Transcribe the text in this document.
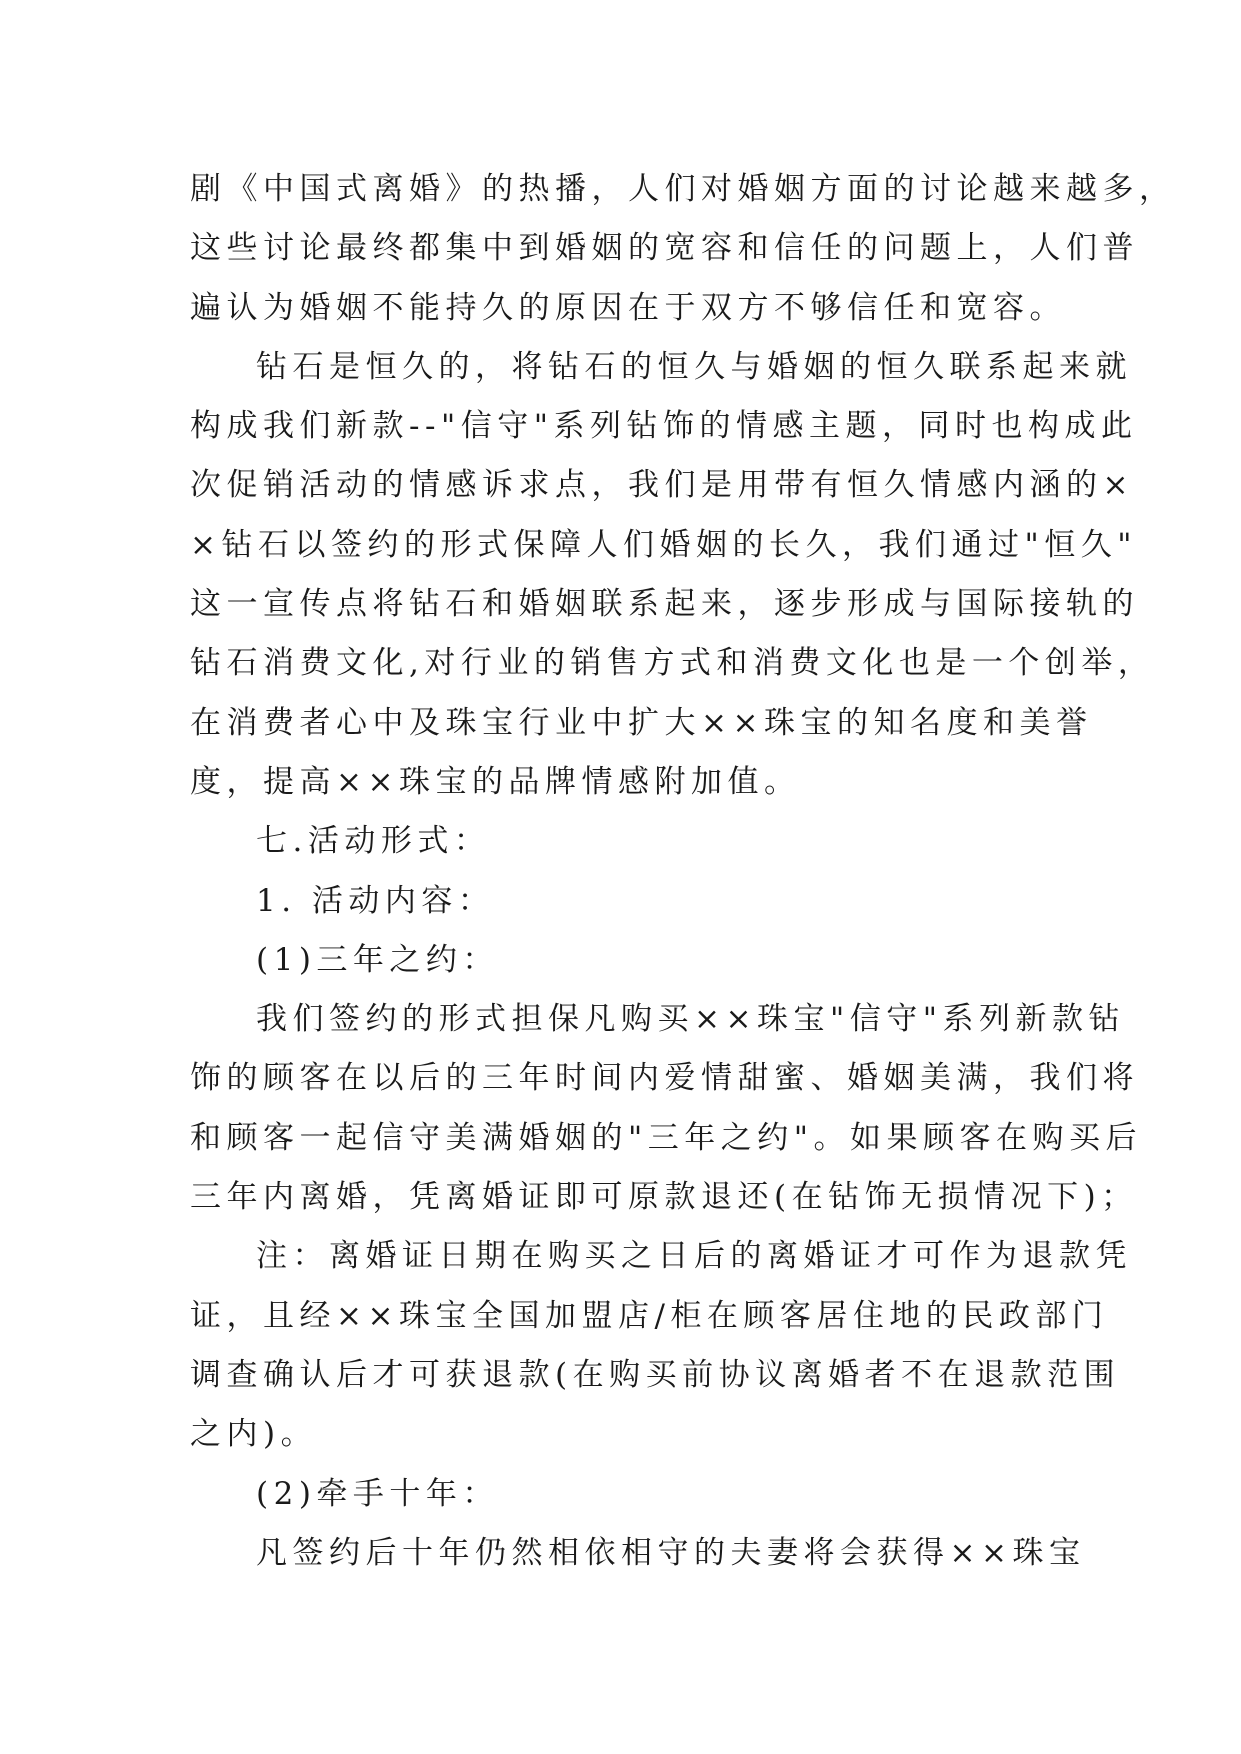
剧《中国式离婚》的热播，人们对婚姻方面的讨论越来越多，
这些讨论最终都集中到婚姻的宽容和信任的问题上，人们普
遍认为婚姻不能持久的原因在于双方不够信任和宽容。
钻石是恒久的，将钻石的恒久与婚姻的恒久联系起来就
构成我们新款--"信守"系列钻饰的情感主题，同时也构成此
次促销活动的情感诉求点，我们是用带有恒久情感内涵的×
×钻石以签约的形式保障人们婚姻的长久，我们通过"恒久"
这一宣传点将钻石和婚姻联系起来，逐步形成与国际接轨的
钻石消费文化,对行业的销售方式和消费文化也是一个创举，
在消费者心中及珠宝行业中扩大××珠宝的知名度和美誉
度，提高××珠宝的品牌情感附加值。
七.活动形式：
1. 活动内容：
(1)三年之约：
我们签约的形式担保凡购买××珠宝"信守"系列新款钻
饰的顾客在以后的三年时间内爱情甜蜜、婚姻美满，我们将
和顾客一起信守美满婚姻的"三年之约"。如果顾客在购买后
三年内离婚，凭离婚证即可原款退还(在钻饰无损情况下)；
注：离婚证日期在购买之日后的离婚证才可作为退款凭
证，且经××珠宝全国加盟店/柜在顾客居住地的民政部门
调查确认后才可获退款(在购买前协议离婚者不在退款范围
之内)。
(2)牵手十年：
凡签约后十年仍然相依相守的夫妻将会获得××珠宝
